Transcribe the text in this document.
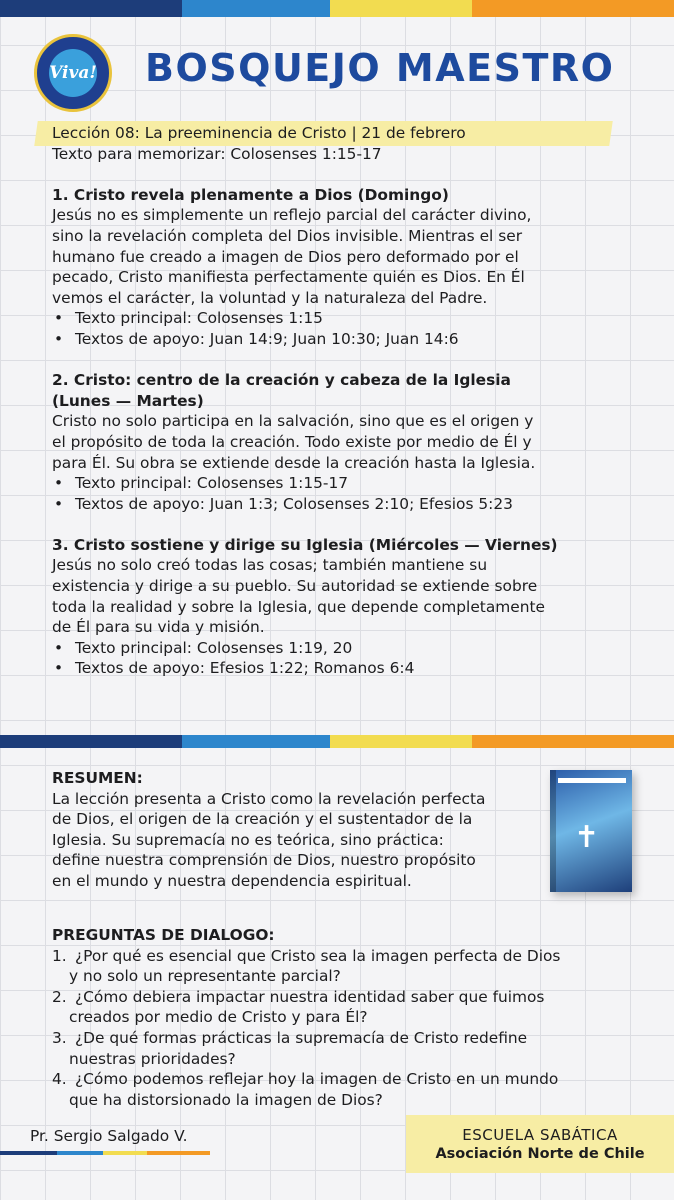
Viva! BOSQUEJO MAESTRO
Lección 08: La preeminencia de Cristo | 21 de febrero
Texto para memorizar: Colosenses 1:15-17
1. Cristo revela plenamente a Dios (Domingo)
Jesús no es simplemente un reflejo parcial del carácter divino,
sino la revelación completa del Dios invisible. Mientras el ser
humano fue creado a imagen de Dios pero deformado por el
pecado, Cristo manifiesta perfectamente quién es Dios. En Él
vemos el carácter, la voluntad y la naturaleza del Padre.
• Texto principal: Colosenses 1:15
• Textos de apoyo: Juan 14:9; Juan 10:30; Juan 14:6
2. Cristo: centro de la creación y cabeza de la Iglesia
(Lunes — Martes)
Cristo no solo participa en la salvación, sino que es el origen y
el propósito de toda la creación. Todo existe por medio de Él y
para Él. Su obra se extiende desde la creación hasta la Iglesia.
• Texto principal: Colosenses 1:15-17
• Textos de apoyo: Juan 1:3; Colosenses 2:10; Efesios 5:23
3. Cristo sostiene y dirige su Iglesia (Miércoles — Viernes)
Jesús no solo creó todas las cosas; también mantiene su
existencia y dirige a su pueblo. Su autoridad se extiende sobre
toda la realidad y sobre la Iglesia, que depende completamente
de Él para su vida y misión.
• Texto principal: Colosenses 1:19, 20
• Textos de apoyo: Efesios 1:22; Romanos 6:4
RESUMEN:
La lección presenta a Cristo como la revelación perfecta
de Dios, el origen de la creación y el sustentador de la
Iglesia. Su supremacía no es teórica, sino práctica:
define nuestra comprensión de Dios, nuestro propósito
en el mundo y nuestra dependencia espiritual.
✝
PREGUNTAS DE DIALOGO:
1. ¿Por qué es esencial que Cristo sea la imagen perfecta de Dios
y no solo un representante parcial?
2. ¿Cómo debiera impactar nuestra identidad saber que fuimos
creados por medio de Cristo y para Él?
3. ¿De qué formas prácticas la supremacía de Cristo redefine
nuestras prioridades?
4. ¿Cómo podemos reflejar hoy la imagen de Cristo en un mundo
que ha distorsionado la imagen de Dios?
Pr. Sergio Salgado V.	ESCUELA SABÁTICA
Asociación Norte de Chile
